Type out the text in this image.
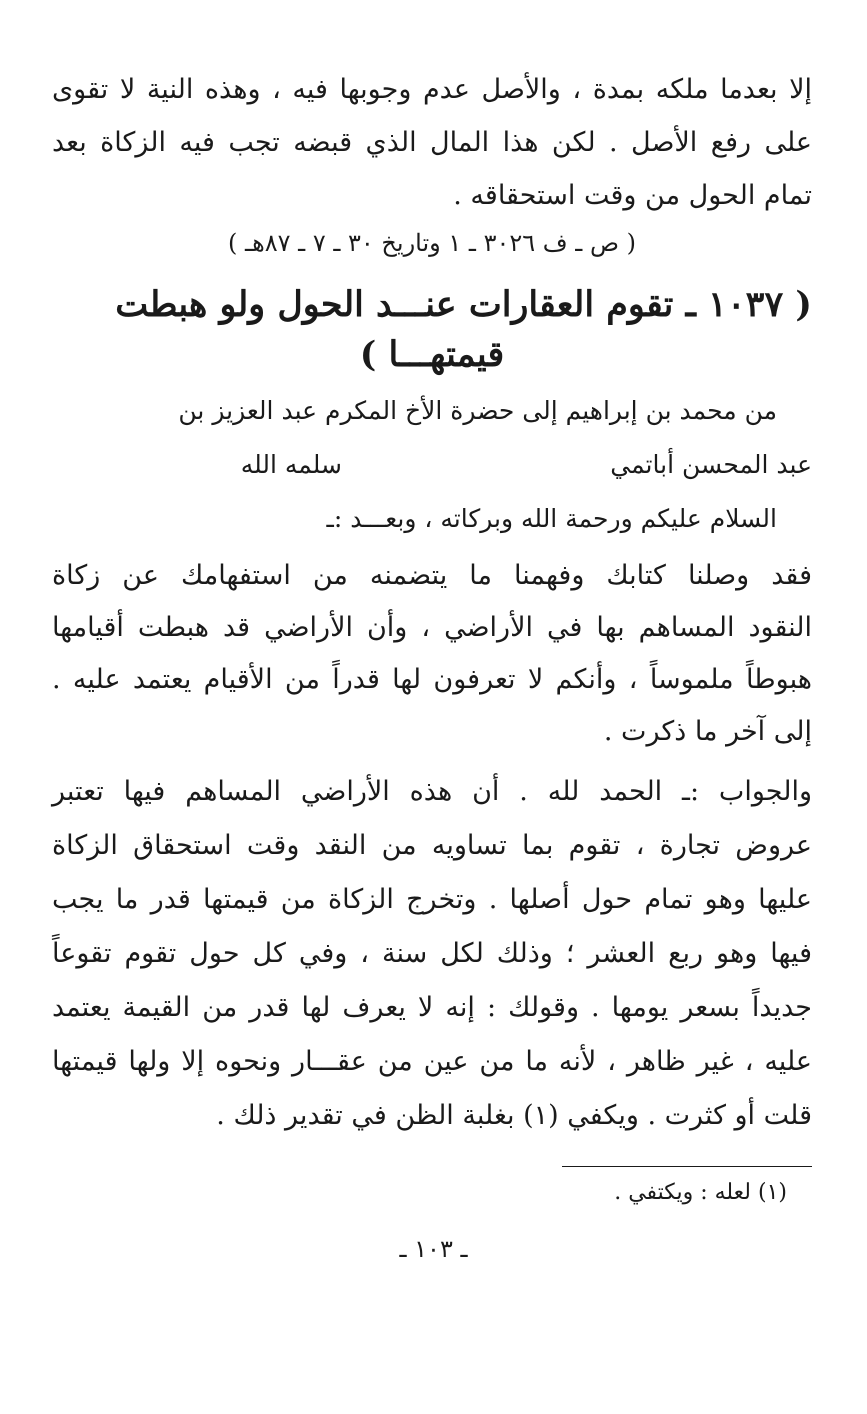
إلا بعدما ملكه بمدة ، والأصل عدم وجوبها فيه ، وهذه النية لا تقوى
على رفع الأصل . لكن هذا المال الذي قبضه تجب فيه الزكاة بعد
تمام الحول من وقت استحقاقه .
( ص ـ ف ٣٠٢٦ ـ ١ وتاريخ ٣٠ ـ ٧ ـ ٨٧هـ )
( ١٠٣٧ ـ تقوم العقارات عنـــد الحول ولو هبطت
قيمتهـــا )
من محمد بن إبراهيم إلى حضرة الأخ المكرم عبد العزيز بن
عبد المحسن أباتمي
سلمه الله
السلام عليكم ورحمة الله وبركاته ، وبعـــد :ـ
فقد وصلنا كتابك وفهمنا ما يتضمنه من استفهامك عن زكاة
النقود المساهم بها في الأراضي ، وأن الأراضي قد هبطت أقيامها
هبوطاً ملموساً ، وأنكم لا تعرفون لها قدراً من الأقيام يعتمد عليه .
إلى آخر ما ذكرت .
والجواب :ـ الحمد لله . أن هذه الأراضي المساهم فيها تعتبر
عروض تجارة ، تقوم بما تساويه من النقد وقت استحقاق الزكاة
عليها وهو تمام حول أصلها . وتخرج الزكاة من قيمتها قدر ما يجب
فيها وهو ربع العشر ؛ وذلك لكل سنة ، وفي كل حول تقوم تقوعاً
جديداً بسعر يومها . وقولك : إنه لا يعرف لها قدر من القيمة يعتمد
عليه ، غير ظاهر ، لأنه ما من عين من عقـــار ونحوه إلا ولها قيمتها
قلت أو كثرت . ويكفي (١) بغلبة الظن في تقدير ذلك .
(١) لعله : ويكتفي .
ـ ١٠٣ ـ
